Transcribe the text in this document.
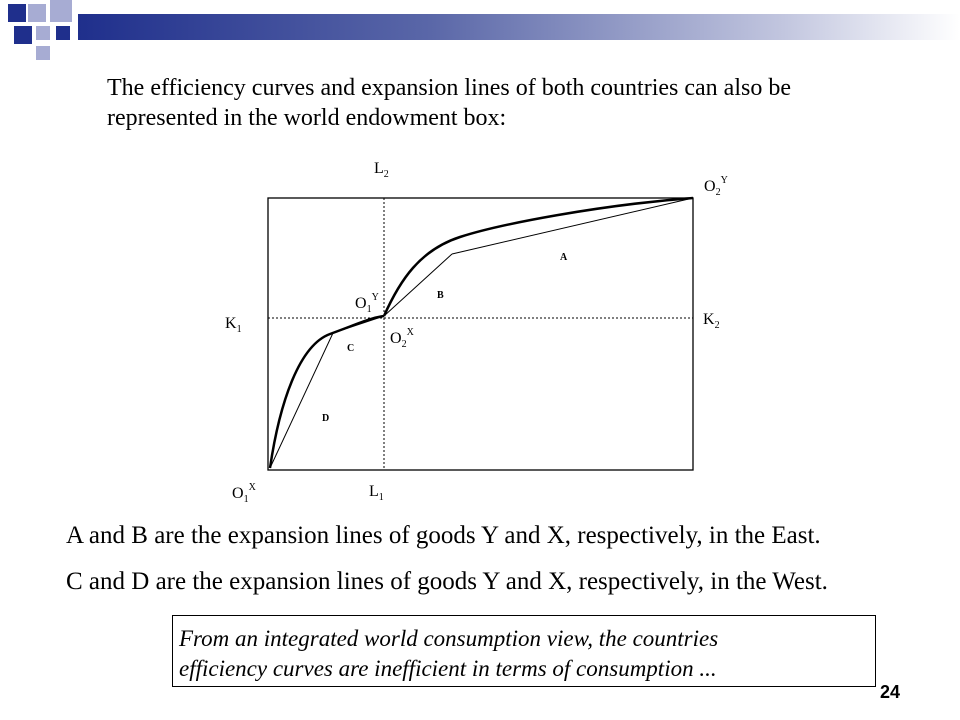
The efficiency curves and expansion lines of both countries can also be represented in the world endowment box:

A
B
C
D
$L_2$
$O_2^Y$
$O_1^Y$
$K_1$
$K_2$
$O_2^X$
$O_1^X$	$L_1$

A and B are the expansion lines of goods Y and X, respectively, in the East.

C and D are the expansion lines of goods Y and X, respectively, in the West.

From an integrated world consumption view, the countries

efficiency curves are inefficient in terms of consumption ...

24
